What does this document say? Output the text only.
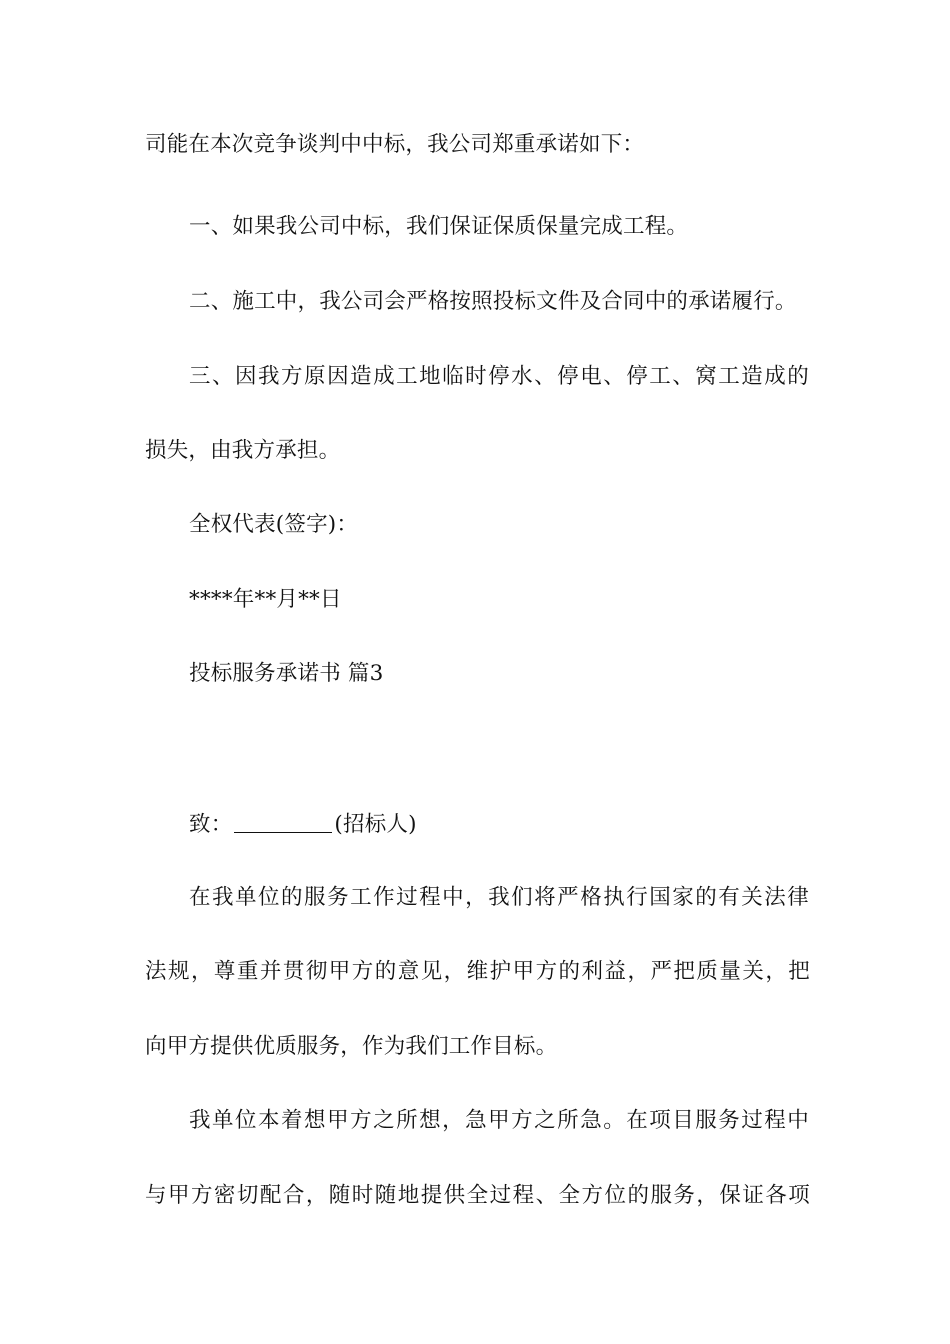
司能在本次竞争谈判中中标，我公司郑重承诺如下：
一、如果我公司中标，我们保证保质保量完成工程。
二、施工中，我公司会严格按照投标文件及合同中的承诺履行。
三、因我方原因造成工地临时停水、停电、停工、窝工造成的
损失，由我方承担。
全权代表(签字)：
****年**月**日
投标服务承诺书 篇3
致：	(招标人)
在我单位的服务工作过程中，我们将严格执行国家的有关法律
法规，尊重并贯彻甲方的意见，维护甲方的利益，严把质量关，把
向甲方提供优质服务，作为我们工作目标。
我单位本着想甲方之所想，急甲方之所急。在项目服务过程中
与甲方密切配合，随时随地提供全过程、全方位的服务，保证各项
